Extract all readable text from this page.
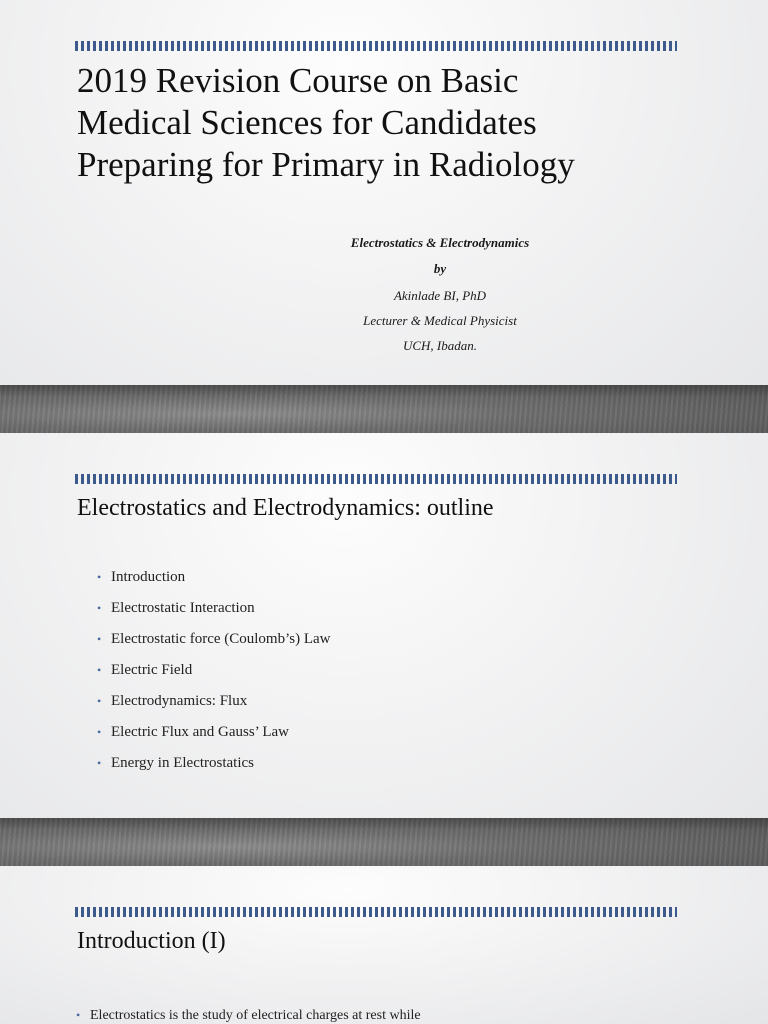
2019 Revision Course on Basic Medical Sciences for Candidates Preparing for Primary in Radiology
Electrostatics & Electrodynamics
by
Akinlade BI, PhD
Lecturer & Medical Physicist
UCH, Ibadan.
Electrostatics and Electrodynamics: outline
• Introduction
• Electrostatic Interaction
• Electrostatic force (Coulomb’s) Law
• Electric Field
• Electrodynamics: Flux
• Electric Flux and Gauss’ Law
• Energy in Electrostatics
Introduction (I)
• Electrostatics is the study of electrical charges at rest while
